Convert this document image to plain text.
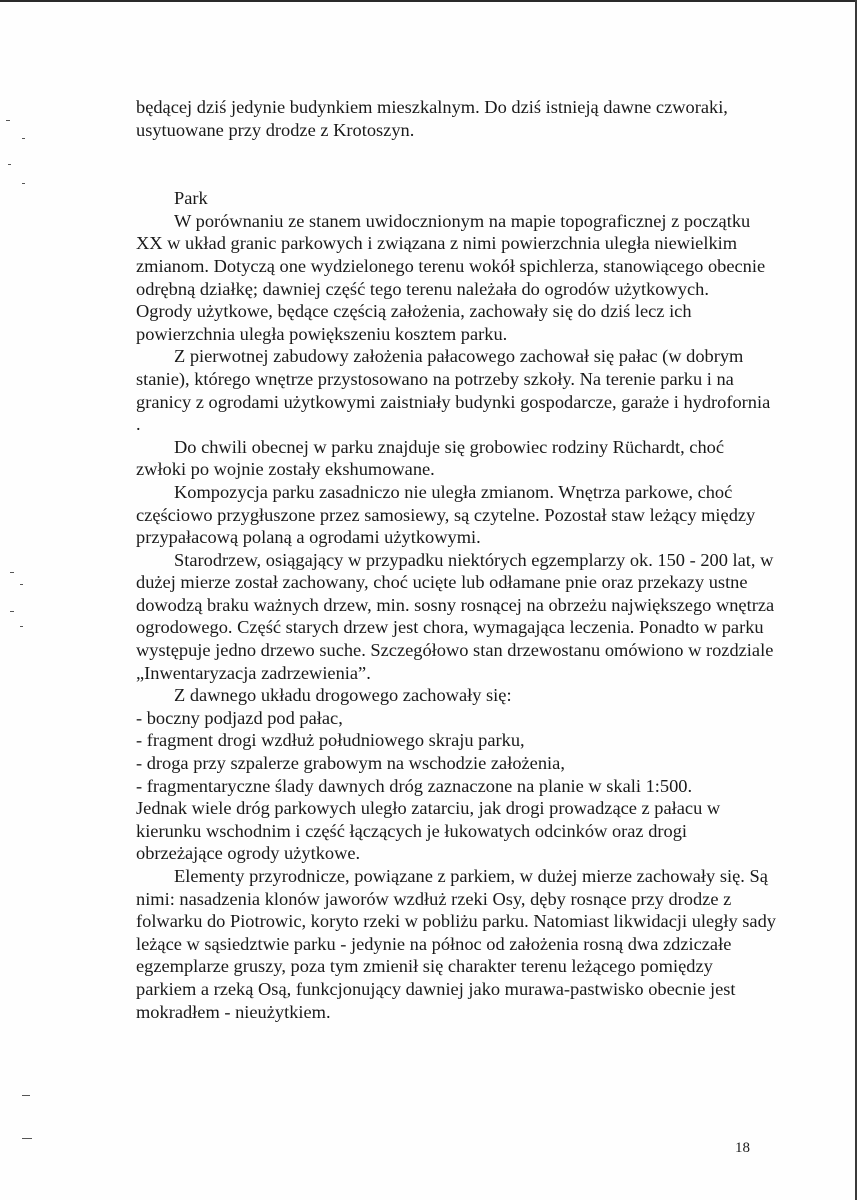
będącej dziś jedynie budynkiem mieszkalnym. Do dziś istnieją dawne czworaki,

usytuowane przy drodze z Krotoszyn.

Park

W porównaniu ze stanem uwidocznionym na mapie topograficznej z początku XX w układ granic parkowych i związana z nimi powierzchnia uległa niewielkim zmianom. Dotyczą one wydzielonego terenu wokół spichlerza, stanowiącego obecnie odrębną działkę; dawniej część tego terenu należała do ogrodów użytkowych.

Ogrody użytkowe, będące częścią założenia, zachowały się do dziś lecz ich powierzchnia uległa powiększeniu kosztem parku.

Z pierwotnej zabudowy założenia pałacowego zachował się pałac (w dobrym stanie), którego wnętrze przystosowano na potrzeby szkoły. Na terenie parku i na granicy z ogrodami użytkowymi zaistniały budynki gospodarcze, garaże i hydrofornia .

Do chwili obecnej w parku znajduje się grobowiec rodziny Rüchardt, choć zwłoki po wojnie zostały ekshumowane.

Kompozycja parku zasadniczo nie uległa zmianom. Wnętrza parkowe, choć częściowo przygłuszone przez samosiewy, są czytelne. Pozostał staw leżący między przypałacową polaną a ogrodami użytkowymi.

Starodrzew, osiągający w przypadku niektórych egzemplarzy ok. 150 - 200 lat, w dużej mierze został zachowany, choć ucięte lub odłamane pnie oraz przekazy ustne dowodzą braku ważnych drzew, min. sosny rosnącej na obrzeżu największego wnętrza ogrodowego. Część starych drzew jest chora, wymagająca leczenia. Ponadto w parku występuje jedno drzewo suche. Szczegółowo stan drzewostanu omówiono w rozdziale „Inwentaryzacja zadrzewienia”.

Z dawnego układu drogowego zachowały się:

- boczny podjazd pod pałac,

- fragment drogi wzdłuż południowego skraju parku,

- droga przy szpalerze grabowym na wschodzie założenia,

- fragmentaryczne ślady dawnych dróg zaznaczone na planie w skali 1:500.

Jednak wiele dróg parkowych uległo zatarciu, jak drogi prowadzące z pałacu w kierunku wschodnim i część łączących je łukowatych odcinków oraz drogi obrzeżające ogrody użytkowe.

Elementy przyrodnicze, powiązane z parkiem, w dużej mierze zachowały się. Są nimi: nasadzenia klonów jaworów wzdłuż rzeki Osy, dęby rosnące przy drodze z folwarku do Piotrowic, koryto rzeki w pobliżu parku. Natomiast likwidacji uległy sady leżące w sąsiedztwie parku - jedynie na północ od założenia rosną dwa zdziczałe egzemplarze gruszy, poza tym zmienił się charakter terenu leżącego pomiędzy parkiem a rzeką Osą, funkcjonujący dawniej jako murawa-pastwisko obecnie jest mokradłem - nieużytkiem.

18
